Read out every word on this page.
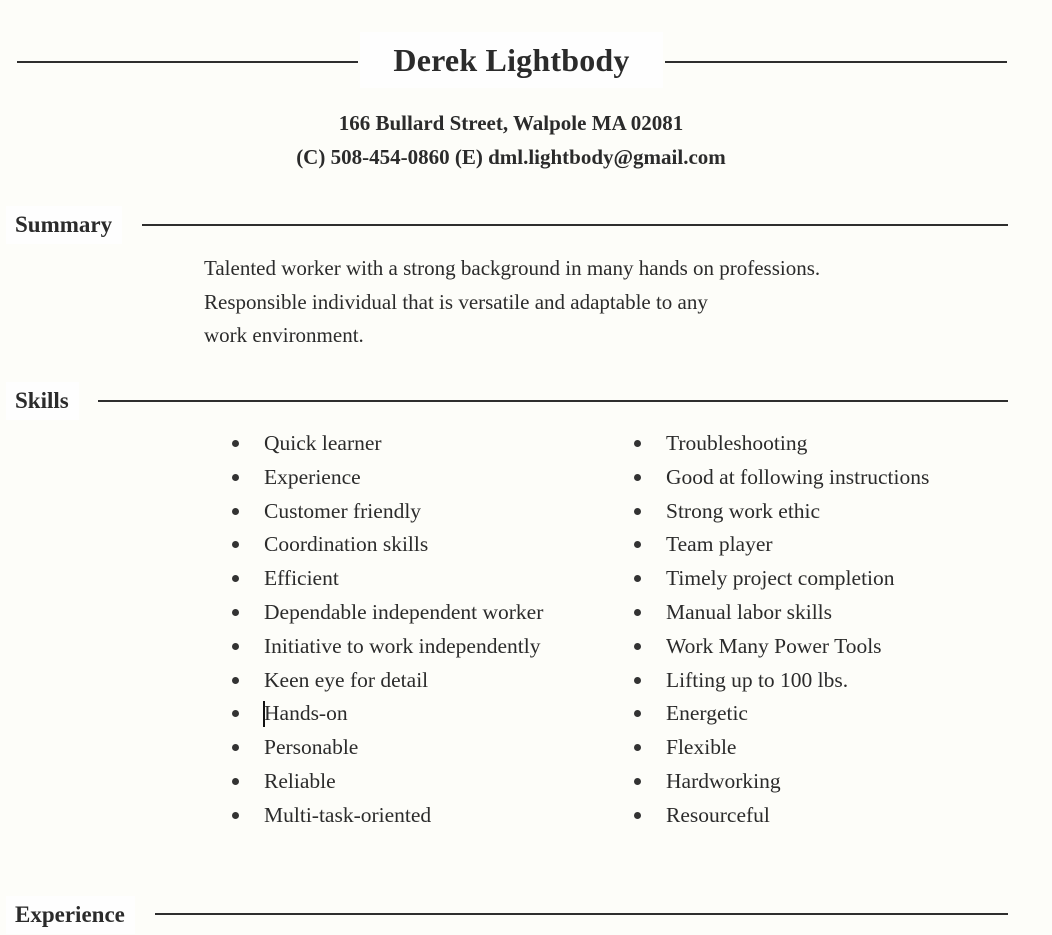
Derek Lightbody
166 Bullard Street, Walpole MA 02081
(C) 508-454-0860 (E) dml.lightbody@gmail.com
Summary
Talented worker with a strong background in many hands on professions.
Responsible individual that is versatile and adaptable to any
work environment.
Skills
Quick learner
Experience
Customer friendly
Coordination skills
Efficient
Dependable independent worker
Initiative to work independently
Keen eye for detail
Hands-on
Personable
Reliable
Multi-task-oriented
Troubleshooting
Good at following instructions
Strong work ethic
Team player
Timely project completion
Manual labor skills
Work Many Power Tools
Lifting up to 100 lbs.
Energetic
Flexible
Hardworking
Resourceful
Experience
